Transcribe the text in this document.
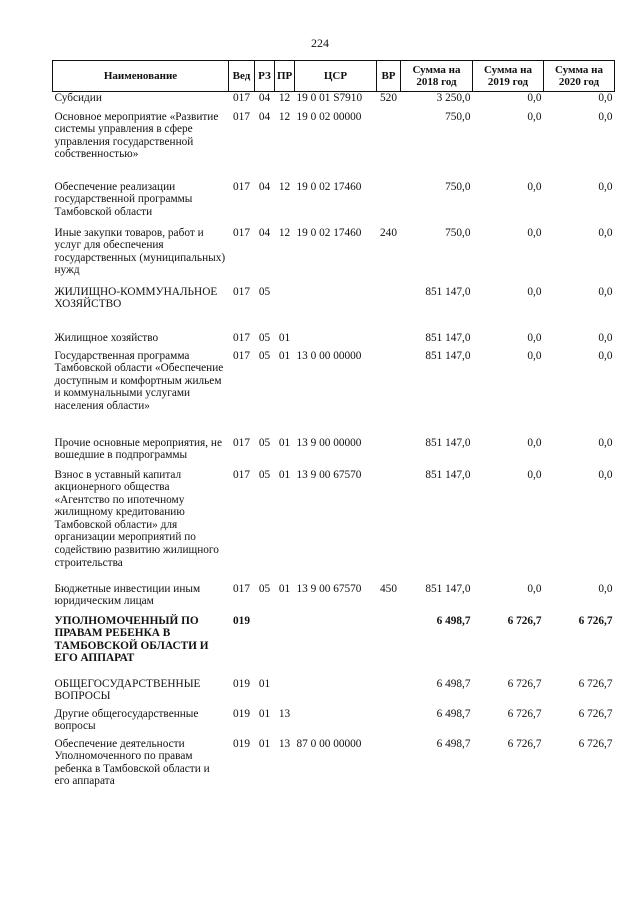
224
Наименование	Вед	РЗ	ПР	ЦСР	ВР	Сумма на 2018 год	Сумма на 2019 год	Сумма на 2020 год
Субсидии	017	04	12	19 0 01 S7910	520	3 250,0	0,0	0,0
Основное мероприятие «Развитие системы управления в сфере управления государственной собственностью»	017	04	12	19 0 02 00000		750,0	0,0	0,0
Обеспечение реализации государственной программы Тамбовской области	017	04	12	19 0 02 17460		750,0	0,0	0,0
Иные закупки товаров, работ и услуг для обеспечения государственных (муниципальных) нужд	017	04	12	19 0 02 17460	240	750,0	0,0	0,0
ЖИЛИЩНО-КОММУНАЛЬНОЕ ХОЗЯЙСТВО	017	05				851 147,0	0,0	0,0
Жилищное хозяйство	017	05	01			851 147,0	0,0	0,0
Государственная программа Тамбовской области «Обеспечение доступным и комфортным жильем и коммунальными услугами населения области»	017	05	01	13 0 00 00000		851 147,0	0,0	0,0
Прочие основные мероприятия, не вошедшие в подпрограммы	017	05	01	13 9 00 00000		851 147,0	0,0	0,0
Взнос в уставный капитал акционерного общества «Агентство по ипотечному жилищному кредитованию Тамбовской области» для организации мероприятий по содействию развитию жилищного строительства	017	05	01	13 9 00 67570		851 147,0	0,0	0,0
Бюджетные инвестиции иным юридическим лицам	017	05	01	13 9 00 67570	450	851 147,0	0,0	0,0
УПОЛНОМОЧЕННЫЙ ПО ПРАВАМ РЕБЕНКА В ТАМБОВСКОЙ ОБЛАСТИ И ЕГО АППАРАТ	019					6 498,7	6 726,7	6 726,7
ОБЩЕГОСУДАРСТВЕННЫЕ ВОПРОСЫ	019	01				6 498,7	6 726,7	6 726,7
Другие общегосударственные вопросы	019	01	13			6 498,7	6 726,7	6 726,7
Обеспечение деятельности Уполномоченного по правам ребенка в Тамбовской области и его аппарата	019	01	13	87 0 00 00000		6 498,7	6 726,7	6 726,7
